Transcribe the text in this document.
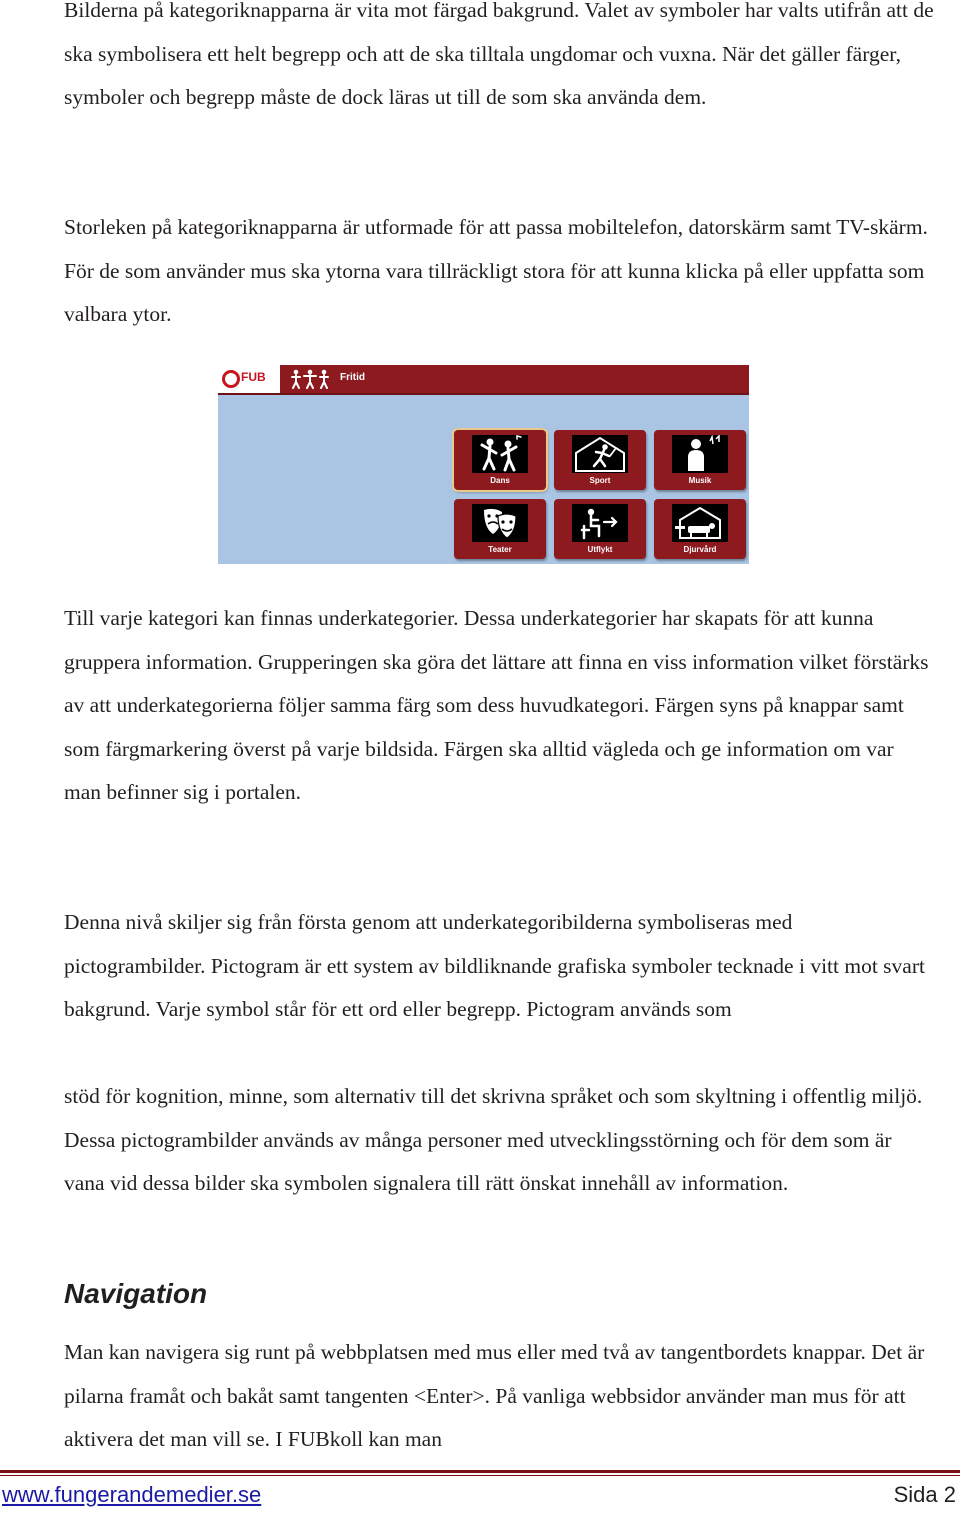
Bilderna på kategoriknapparna är vita mot färgad bakgrund. Valet av symboler har valts utifrån att de ska symbolisera ett helt begrepp och att de ska tilltala ungdomar och vuxna. När det gäller färger, symboler och begrepp måste de dock läras ut till de som ska använda dem.

Storleken på kategoriknapparna är utformade för att passa mobiltelefon, datorskärm samt TV-skärm. För de som använder mus ska ytorna vara tillräckligt stora för att kunna klicka på eller uppfatta som valbara ytor.

FUB	Fritid
Dans	Sport	Musik
Teater	Utflykt	Djurvård

Till varje kategori kan finnas underkategorier. Dessa underkategorier har skapats för att kunna gruppera information. Grupperingen ska göra det lättare att finna en viss information vilket förstärks av att underkategorierna följer samma färg som dess huvudkategori. Färgen syns på knappar samt som färgmarkering överst på varje bildsida. Färgen ska alltid vägleda och ge information om var man befinner sig i portalen.

Denna nivå skiljer sig från första genom att underkategoribilderna symboliseras med pictogrambilder. Pictogram är ett system av bildliknande grafiska symboler tecknade i vitt mot svart bakgrund. Varje symbol står för ett ord eller begrepp. Pictogram används som

stöd för kognition, minne, som alternativ till det skrivna språket och som skyltning i offentlig miljö. Dessa pictogrambilder används av många personer med utvecklingsstörning och för dem som är vana vid dessa bilder ska symbolen signalera till rätt önskat innehåll av information.

Navigation

Man kan navigera sig runt på webbplatsen med mus eller med två av tangentbordets knappar. Det är pilarna framåt och bakåt samt tangenten <Enter>. På vanliga webbsidor använder man mus för att aktivera det man vill se. I FUBkoll kan man

www.fungerandemedier.se	Sida 2
